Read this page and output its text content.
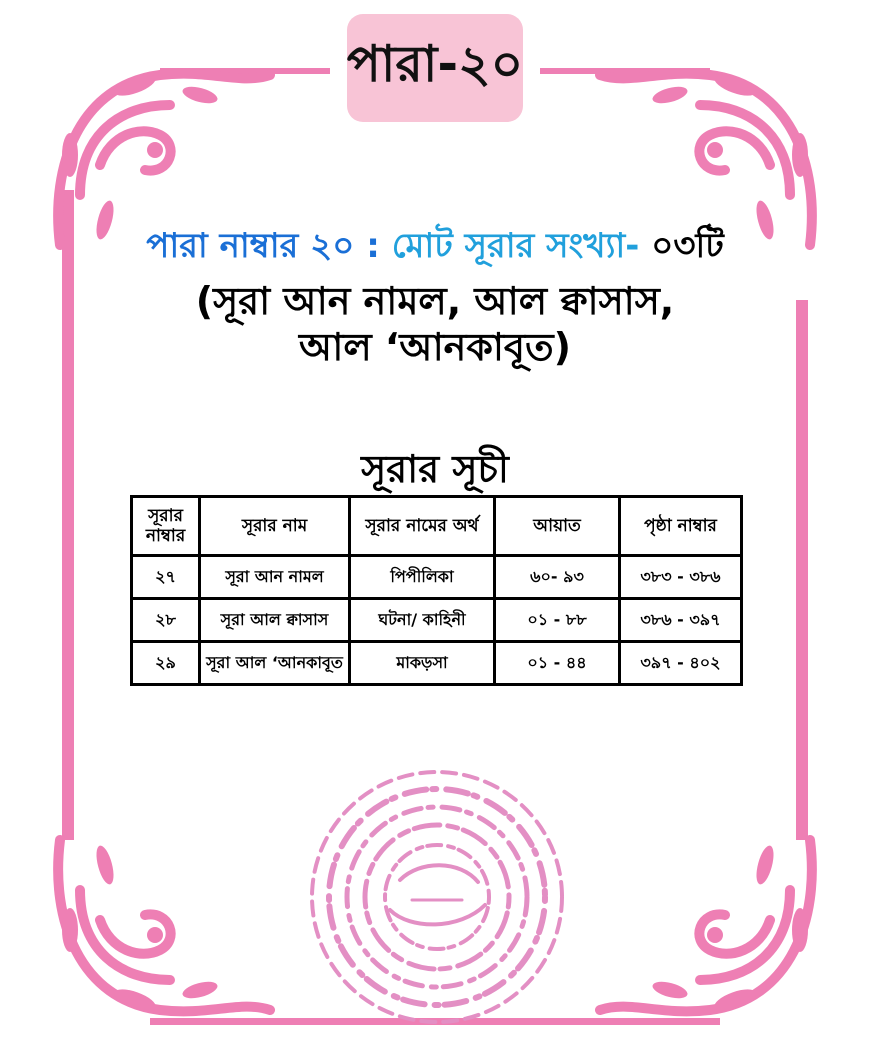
পারা-২০
পারা নাম্বার ২০ : মোট সূরার সংখ্যা- ০৩টি
(সূরা আন নামল, আল ক্বাসাস,
আল ‘আনকাবূত)
সূরার সূচী
সূরার নাম্বার	সূরার নাম	সূরার নামের অর্থ	আয়াত	পৃষ্ঠা নাম্বার
২৭	সূরা আন নামল	পিপীলিকা	৬০- ৯৩	৩৮৩ - ৩৮৬
২৮	সূরা আল ক্বাসাস	ঘটনা/ কাহিনী	০১ - ৮৮	৩৮৬ - ৩৯৭
২৯	সূরা আল ‘আনকাবূত	মাকড়সা	০১ - ৪৪	৩৯৭ - ৪০২
